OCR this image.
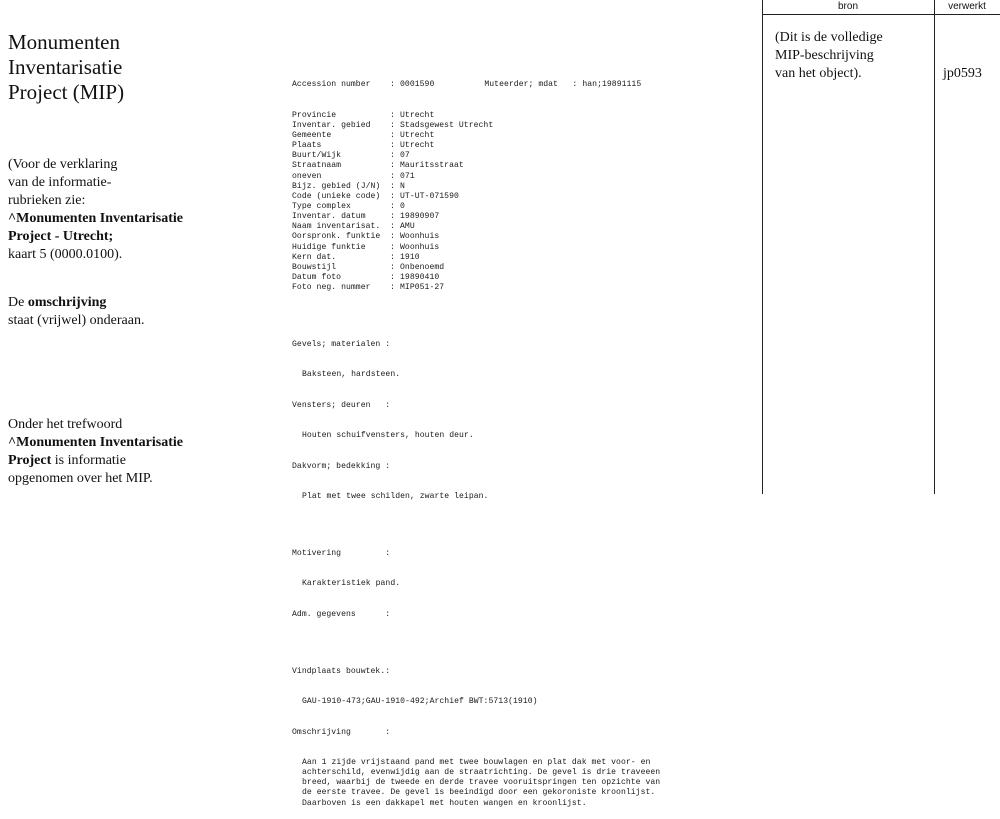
Monumenten
Inventarisatie
Project (MIP)
(Voor de verklaring
van de informatie-
rubrieken zie:
^Monumenten Inventarisatie
Project - Utrecht;
kaart 5 (0000.0100).
De omschrijving
staat (vrijwel) onderaan.
Onder het trefwoord
^Monumenten Inventarisatie
Project is informatie
opgenomen over het MIP.

Accession number : 0001590	Muteerder; mdat : han;19891115

Provincie	: Utrecht
Inventar. gebied : Stadsgewest Utrecht
Gemeente	: Utrecht
Plaats	: Utrecht
Buurt/Wijk	: 07
Straatnaam	: Mauritsstraat
oneven	: 071
Bijz. gebied (J/N) : N
Code (unieke code) : UT-UT-071590
Type complex	: 0
Inventar. datum	: 19890907
Naam inventarisat. : AMU
Oorspronk. funktie : Woonhuis
Huidige funktie	: Woonhuis
Kern dat.	: 1910
Bouwstijl	: Onbenoemd
Datum foto	: 19890410
Foto neg. nummer : MIP051-27

Gevels; materialen :

Baksteen, hardsteen.

Vensters; deuren   :

Houten schuifvensters, houten deur.

Dakvorm; bedekking :

Plat met twee schilden, zwarte leipan.

Motivering         :

Karakteristiek pand.

Adm. gegevens      :

Vindplaats bouwtek.:

GAU-1910-473;GAU-1910-492;Archief BWT:5713(1910)

Omschrijving       :

Aan 1 zijde vrijstaand pand met twee bouwlagen en plat dak met voor- en
achterschild, evenwijdig aan de straatrichting. De gevel is drie traveeen
breed, waarbij de tweede en derde travee vooruitspringen ten opzichte van
de eerste travee. De gevel is beeindigd door een gekoroniste kroonlijst.
Daarboven is een dakkapel met houten wangen en kroonlijst.

bron	verwerkt
(Dit is de volledige
MIP-beschrijving
van het object).	jp0593
